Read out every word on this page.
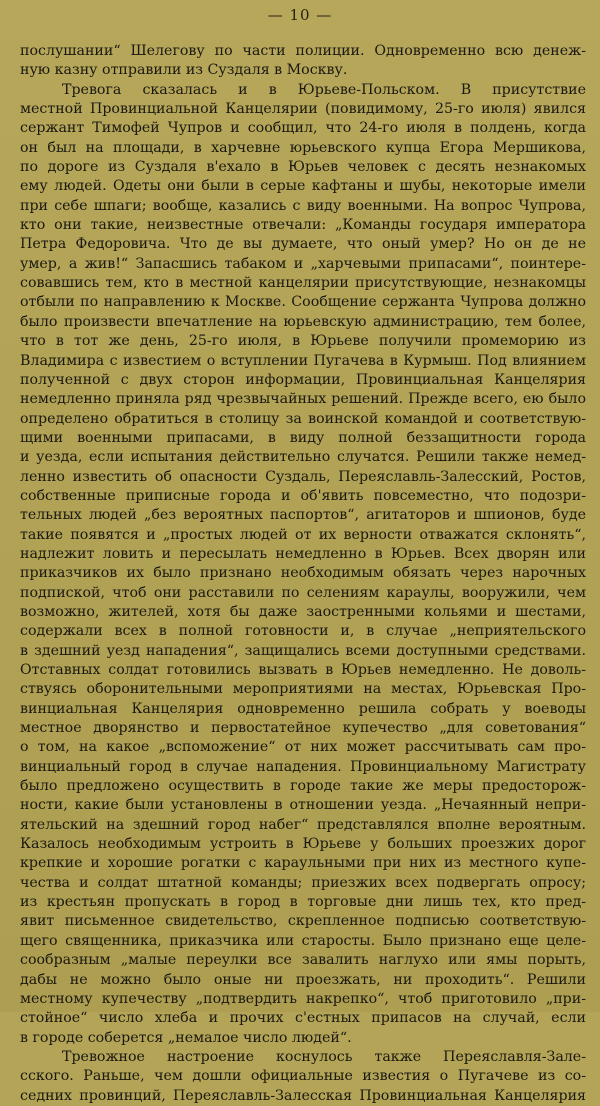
— 10 —
послушании“ Шелегову по части полиции. Одновременно всю денеж-
ную казну отправили из Суздаля в Москву.
Тревога сказалась и в Юрьеве-Польском. В присутствие
местной Провинциальной Канцелярии (повидимому, 25-го июля) явился
сержант Тимофей Чупров и сообщил, что 24-го июля в полдень, когда
он был на площади, в харчевне юрьевского купца Егора Мершикова,
по дороге из Суздаля в'ехало в Юрьев человек с десять незнакомых
ему людей. Одеты они были в серые кафтаны и шубы, некоторые имели
при себе шпаги; вообще, казались с виду военными. На вопрос Чупрова,
кто они такие, неизвестные отвечали: „Команды государя императора
Петра Федоровича. Что де вы думаете, что оный умер? Но он де не
умер, а жив!“ Запасшись табаком и „харчевыми припасами“, поинтере-
совавшись тем, кто в местной канцелярии присутствующие, незнакомцы
отбыли по направлению к Москве. Сообщение сержанта Чупрова должно
было произвести впечатление на юрьевскую администрацию, тем более,
что в тот же день, 25-го июля, в Юрьеве получили промеморию из
Владимира с известием о вступлении Пугачева в Курмыш. Под влиянием
полученной с двух сторон информации, Провинциальная Канцелярия
немедленно приняла ряд чрезвычайных решений. Прежде всего, ею было
определено обратиться в столицу за воинской командой и соответствую-
щими военными припасами, в виду полной беззащитности города
и уезда, если испытания действительно случатся. Решили также немед-
ленно известить об опасности Суздаль, Переяславль-Залесский, Ростов,
собственные приписные города и об'явить повсеместно, что подозри-
тельных людей „без вероятных паспортов“, агитаторов и шпионов, буде
такие появятся и „простых людей от их верности отважатся склонять“,
надлежит ловить и пересылать немедленно в Юрьев. Всех дворян или
приказчиков их было признано необходимым обязать через нарочных
подпиской, чтоб они расставили по селениям караулы, вооружили, чем
возможно, жителей, хотя бы даже заостренными кольями и шестами,
содержали всех в полной готовности и, в случае „неприятельского
в здешний уезд нападения“, защищались всеми доступными средствами.
Отставных солдат готовились вызвать в Юрьев немедленно. Не доволь-
ствуясь оборонительными мероприятиями на местах, Юрьевская Про-
винциальная Канцелярия одновременно решила собрать у воеводы
местное дворянство и первостатейное купечество „для советования“
о том, на какое „вспоможение“ от них может рассчитывать сам про-
винциальный город в случае нападения. Провинциальному Магистрату
было предложено осуществить в городе такие же меры предосторож-
ности, какие были установлены в отношении уезда. „Нечаянный непри-
ятельский на здешний город набег“ представлялся вполне вероятным.
Казалось необходимым устроить в Юрьеве у больших проезжих дорог
крепкие и хорошие рогатки с караульными при них из местного купе-
чества и солдат штатной команды; приезжих всех подвергать опросу;
из крестьян пропускать в город в торговые дни лишь тех, кто пред-
явит письменное свидетельство, скрепленное подписью соответствую-
щего священника, приказчика или старосты. Было признано еще целе-
сообразным „малые переулки все завалить наглухо или ямы порыть,
дабы не можно было оные ни проезжать, ни проходить“. Решили
местному купечеству „подтвердить накрепко“, чтоб приготовило „при-
стойное“ число хлеба и прочих с'естных припасов на случай, если
в городе соберется „немалое число людей“.
Тревожное настроение коснулось также Переяславля-Зале-
сского. Раньше, чем дошли официальные известия о Пугачеве из со-
седних провинций, Переяславль-Залесская Провинциальная Канцелярия
